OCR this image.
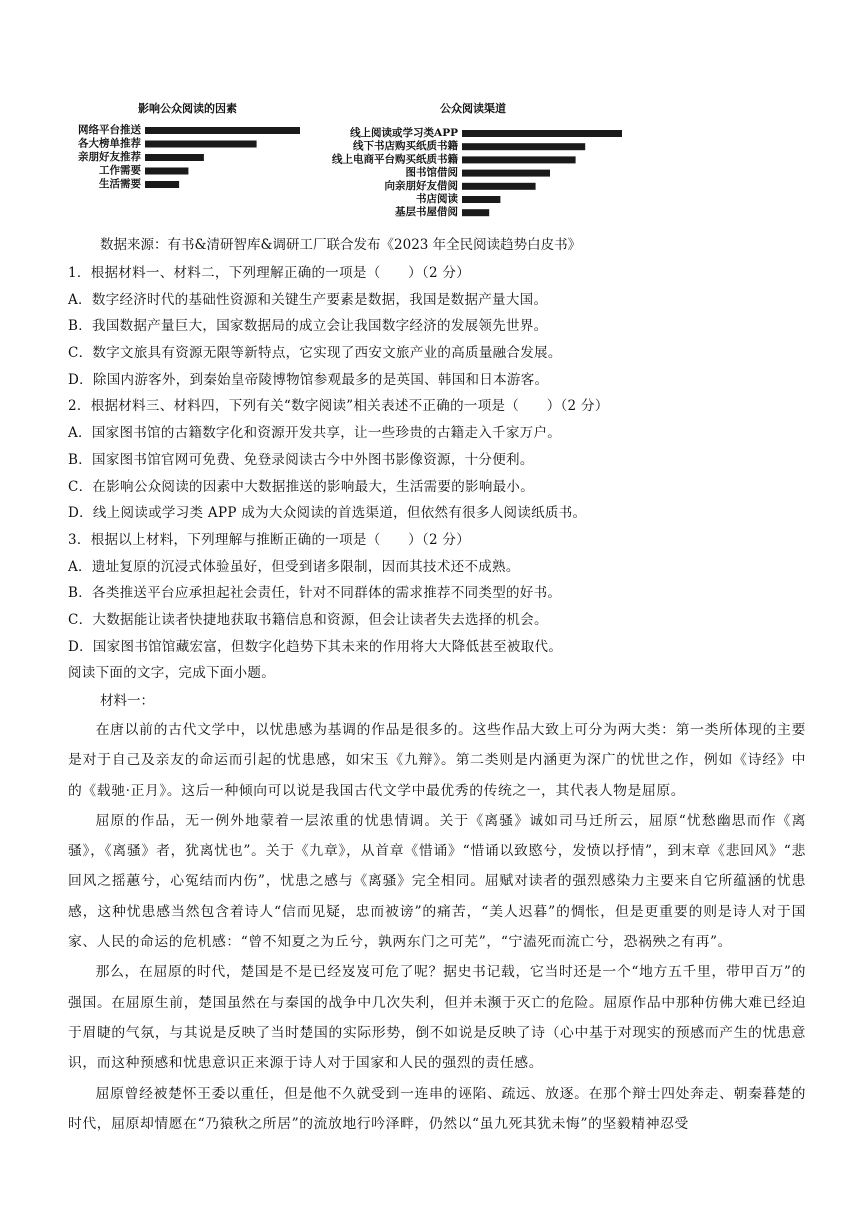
影响公众阅读的因素
网络平台推送
各大榜单推荐
亲朋好友推荐
工作需要
生活需要
公众阅读渠道
线上阅读或学习类APP
线下书店购买纸质书籍
线上电商平台购买纸质书籍
图书馆借阅
向亲朋好友借阅
书店阅读
基层书屋借阅
数据来源：有书&清研智库&调研工厂联合发布《2023 年全民阅读趋势白皮书》
1．根据材料一、材料二，下列理解正确的一项是（　　）（2 分）
A．数字经济时代的基础性资源和关键生产要素是数据，我国是数据产量大国。
B．我国数据产量巨大，国家数据局的成立会让我国数字经济的发展领先世界。
C．数字文旅具有资源无限等新特点，它实现了西安文旅产业的高质量融合发展。
D．除国内游客外，到秦始皇帝陵博物馆参观最多的是英国、韩国和日本游客。
2．根据材料三、材料四，下列有关“数字阅读”相关表述不正确的一项是（　　）（2 分）
A．国家图书馆的古籍数字化和资源开发共享，让一些珍贵的古籍走入千家万户。
B．国家图书馆官网可免费、免登录阅读古今中外图书影像资源，十分便利。
C．在影响公众阅读的因素中大数据推送的影响最大，生活需要的影响最小。
D．线上阅读或学习类 APP 成为大众阅读的首选渠道，但依然有很多人阅读纸质书。
3．根据以上材料，下列理解与推断正确的一项是（　　）（2 分）
A．遗址复原的沉浸式体验虽好，但受到诸多限制，因而其技术还不成熟。
B．各类推送平台应承担起社会责任，针对不同群体的需求推荐不同类型的好书。
C．大数据能让读者快捷地获取书籍信息和资源，但会让读者失去选择的机会。
D．国家图书馆馆藏宏富，但数字化趋势下其未来的作用将大大降低甚至被取代。
阅读下面的文字，完成下面小题。
材料一：

在唐以前的古代文学中，以忧患感为基调的作品是很多的。这些作品大致上可分为两大类：第一类所体现的主要是对于自己及亲友的命运而引起的忧患感，如宋玉《九辩》。第二类则是内涵更为深广的忧世之作，例如《诗经》中的《载驰·正月》。这后一种倾向可以说是我国古代文学中最优秀的传统之一，其代表人物是屈原。

屈原的作品，无一例外地蒙着一层浓重的忧患情调。关于《离骚》诚如司马迁所云，屈原“忧愁幽思而作《离骚》，《离骚》者，犹离忧也”。关于《九章》，从首章《惜诵》“惜诵以致愍兮，发愤以抒情”，到末章《悲回风》“悲回风之摇蕙兮，心冤结而内伤”，忧患之感与《离骚》完全相同。屈赋对读者的强烈感染力主要来自它所蕴涵的忧患感，这种忧患感当然包含着诗人“信而见疑，忠而被谤”的痛苦，“美人迟暮”的惆怅，但是更重要的则是诗人对于国家、人民的命运的危机感：“曾不知夏之为丘兮，孰两东门之可芜”，“宁溘死而流亡兮，恐祸殃之有再”。

那么，在屈原的时代，楚国是不是已经岌岌可危了呢？据史书记载，它当时还是一个“地方五千里，带甲百万”的强国。在屈原生前，楚国虽然在与秦国的战争中几次失利，但并未濒于灭亡的危险。屈原作品中那种仿佛大难已经迫于眉睫的气氛，与其说是反映了当时楚国的实际形势，倒不如说是反映了诗（心中基于对现实的预感而产生的忧患意识，而这种预感和忧患意识正来源于诗人对于国家和人民的强烈的责任感。

屈原曾经被楚怀王委以重任，但是他不久就受到一连串的诬陷、疏远、放逐。在那个辩士四处奔走、朝秦暮楚的时代，屈原却情愿在“乃猿秋之所居”的流放地行吟泽畔，仍然以“虽九死其犹未悔”的坚毅精神忍受
